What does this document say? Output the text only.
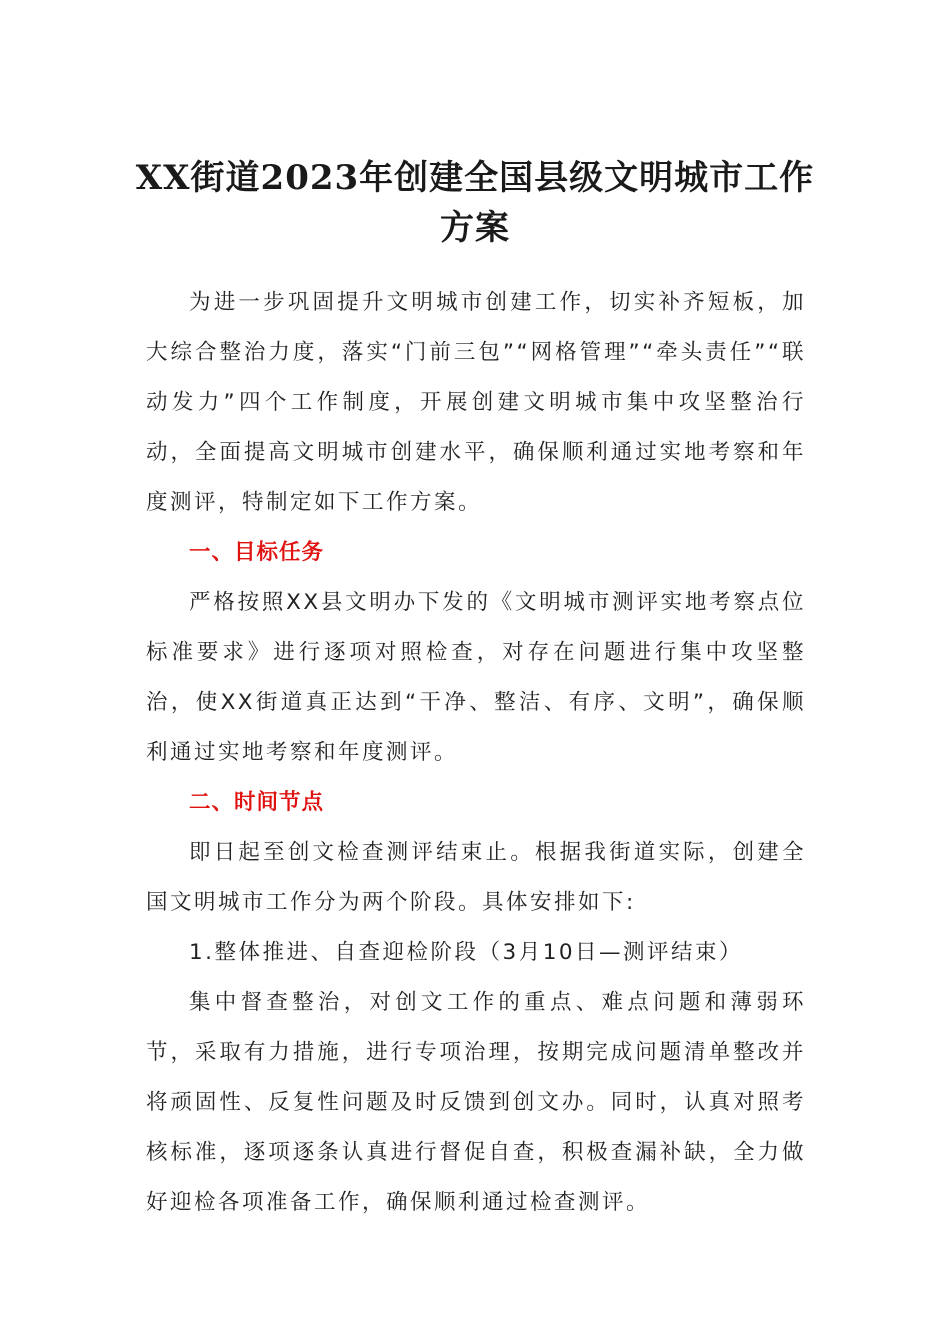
XX街道2023年创建全国县级文明城市工作
方案

为进一步巩固提升文明城市创建工作，切实补齐短板，加大综合整治力度，落实“门前三包”“网格管理”“牵头责任”“联动发力”四个工作制度，开展创建文明城市集中攻坚整治行动，全面提高文明城市创建水平，确保顺利通过实地考察和年度测评，特制定如下工作方案。

一、目标任务

严格按照XX县文明办下发的《文明城市测评实地考察点位标准要求》进行逐项对照检查，对存在问题进行集中攻坚整治，使XX街道真正达到“干净、整洁、有序、文明”，确保顺利通过实地考察和年度测评。

二、时间节点

即日起至创文检查测评结束止。根据我街道实际，创建全国文明城市工作分为两个阶段。具体安排如下:

1.整体推进、自查迎检阶段（3月10日—测评结束）

集中督查整治，对创文工作的重点、难点问题和薄弱环节，采取有力措施，进行专项治理，按期完成问题清单整改并将顽固性、反复性问题及时反馈到创文办。同时，认真对照考核标准，逐项逐条认真进行督促自查，积极查漏补缺，全力做好迎检各项准备工作，确保顺利通过检查测评。
